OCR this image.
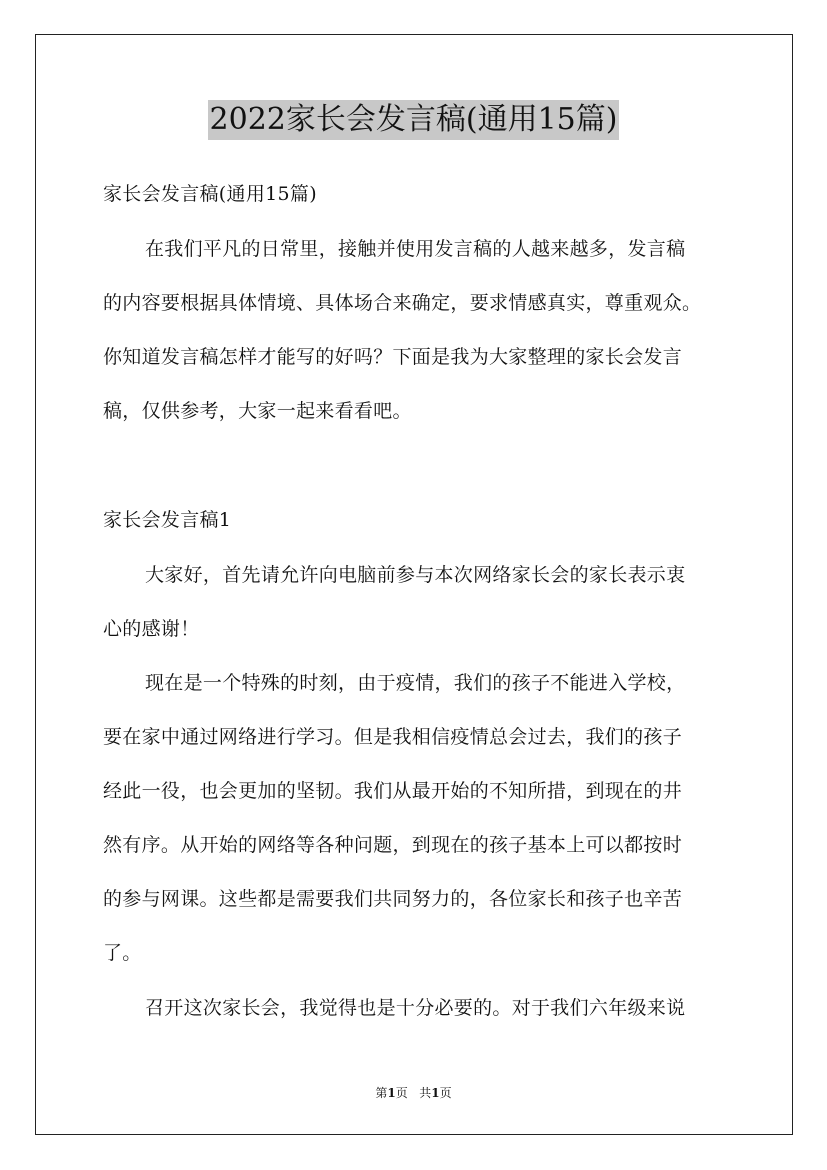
2022家长会发言稿(通用15篇)
家长会发言稿(通用15篇)
在我们平凡的日常里，接触并使用发言稿的人越来越多，发言稿
的内容要根据具体情境、具体场合来确定，要求情感真实，尊重观众。
你知道发言稿怎样才能写的好吗？下面是我为大家整理的家长会发言
稿，仅供参考，大家一起来看看吧。
家长会发言稿1
大家好，首先请允许向电脑前参与本次网络家长会的家长表示衷
心的感谢！
现在是一个特殊的时刻，由于疫情，我们的孩子不能进入学校，
要在家中通过网络进行学习。但是我相信疫情总会过去，我们的孩子
经此一役，也会更加的坚韧。我们从最开始的不知所措，到现在的井
然有序。从开始的网络等各种问题，到现在的孩子基本上可以都按时
的参与网课。这些都是需要我们共同努力的，各位家长和孩子也辛苦
了。
召开这次家长会，我觉得也是十分必要的。对于我们六年级来说
第1页 共1页
